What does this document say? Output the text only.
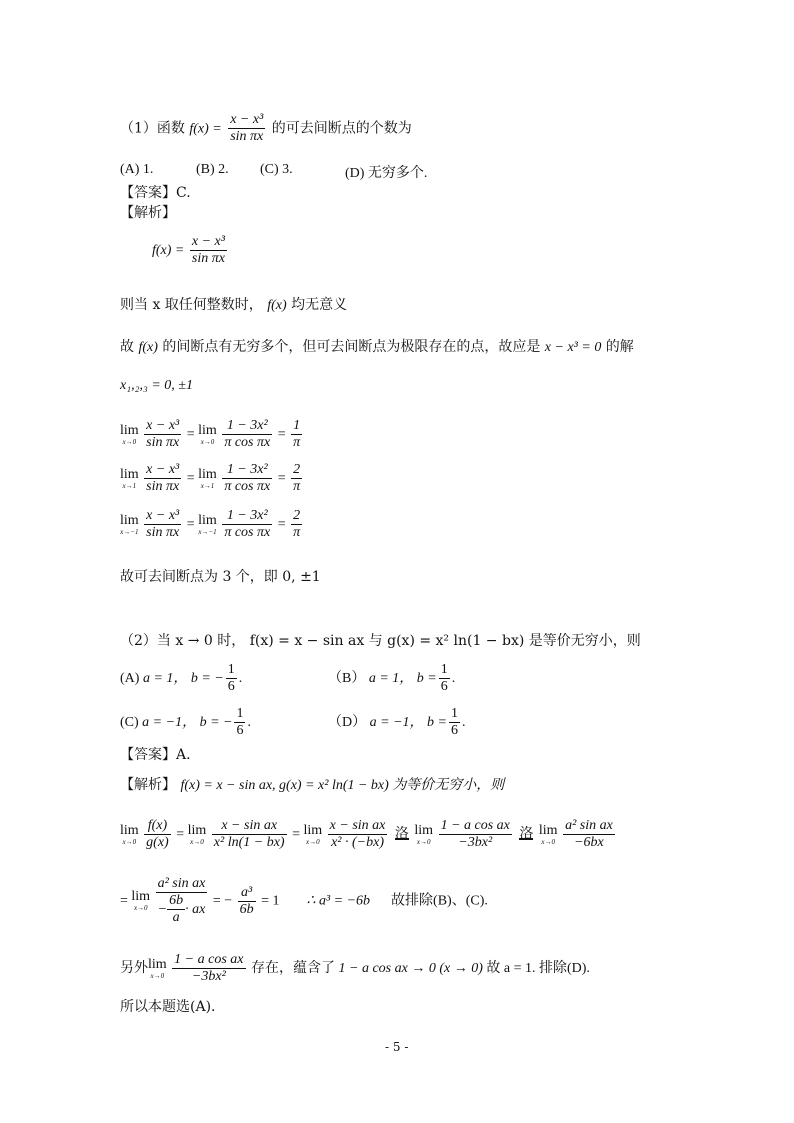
（1）函数 $f(x) = \frac{\text{x − x³}}{\text{sin πx}}$ 的可去间断点的个数为
(A) 1.	(B) 2. (C) 3.	(D) 无穷多个.
【答案】C.
【解析】
$f(x) = \frac{\text{x − x³}}{\text{sin πx}}$
则当 x 取任何整数时， f(x) 均无意义
故 f(x) 的间断点有无穷多个，但可去间断点为极限存在的点，故应是 x − x³ = 0 的解
x₁,₂,₃ = 0, ±1
lim
x→0
$\frac{\text{x − x³}}{\text{sin πx}} = \lim$
x→0
$\frac{\text{1 − 3x²}}{\text{π cos πx}} = \frac{1}{\pi}$
lim
x→1
$\frac{\text{x − x³}}{\text{sin πx}} = \lim$
x→1
$\frac{\text{1 − 3x²}}{\text{π cos πx}} = \frac{2}{\pi}$
lim
x→−1
$\frac{\text{x − x³}}{\text{sin πx}} = \lim$
x→−1
$\frac{\text{1 − 3x²}}{\text{π cos πx}} = \frac{2}{\pi}$
故可去间断点为 3 个，即 0, ±1
（2）当 x → 0 时， f(x) = x − sin ax 与 g(x) = x² ln(1 − bx) 是等价无穷小，则
(A) a = 1， b = − $\frac{1}{6}$ .	（B） a = 1， $b = \frac{1}{6}$ .
(C) a = −1， b = − $\frac{1}{6}$ .	（D） a = −1， $b = \frac{1}{6}$ .
【答案】A.
【解析】 f(x) = x − sin ax, g(x) = x² ln(1 − bx) 为等价无穷小，则
lim
x→0
$\frac{f(x)}{g(x)} = \lim$
x→0
$\frac{\text{x − sin ax}}{\text{x² ln(1 − bx)}} = \lim$
x→0
$\frac{\text{x − sin ax}}{\text{x² · (−bx)}}$ 洛
lim
x→0
$\frac{\text{1 − a cos ax}}{\text{−3bx²}}$ 洛
lim
x→0
$\frac{\text{a² sin ax}}{-6bx}$
= lim
x→0
$\frac{\text{a² sin ax}}{- \frac{6b}{a} \cdot ax}$ = − $\frac{\text{a³}}{6b} = 1$ ∴ a³ = −6b 故排除(B)、(C).
另外 lim
x→0
$\frac{\text{1 − a cos ax}}{\text{−3bx²}}$ 存在，蕴含了 1 − a cos ax → 0 (x → 0) 故 a = 1. 排除(D).
所以本题选(A).
- 5 -
